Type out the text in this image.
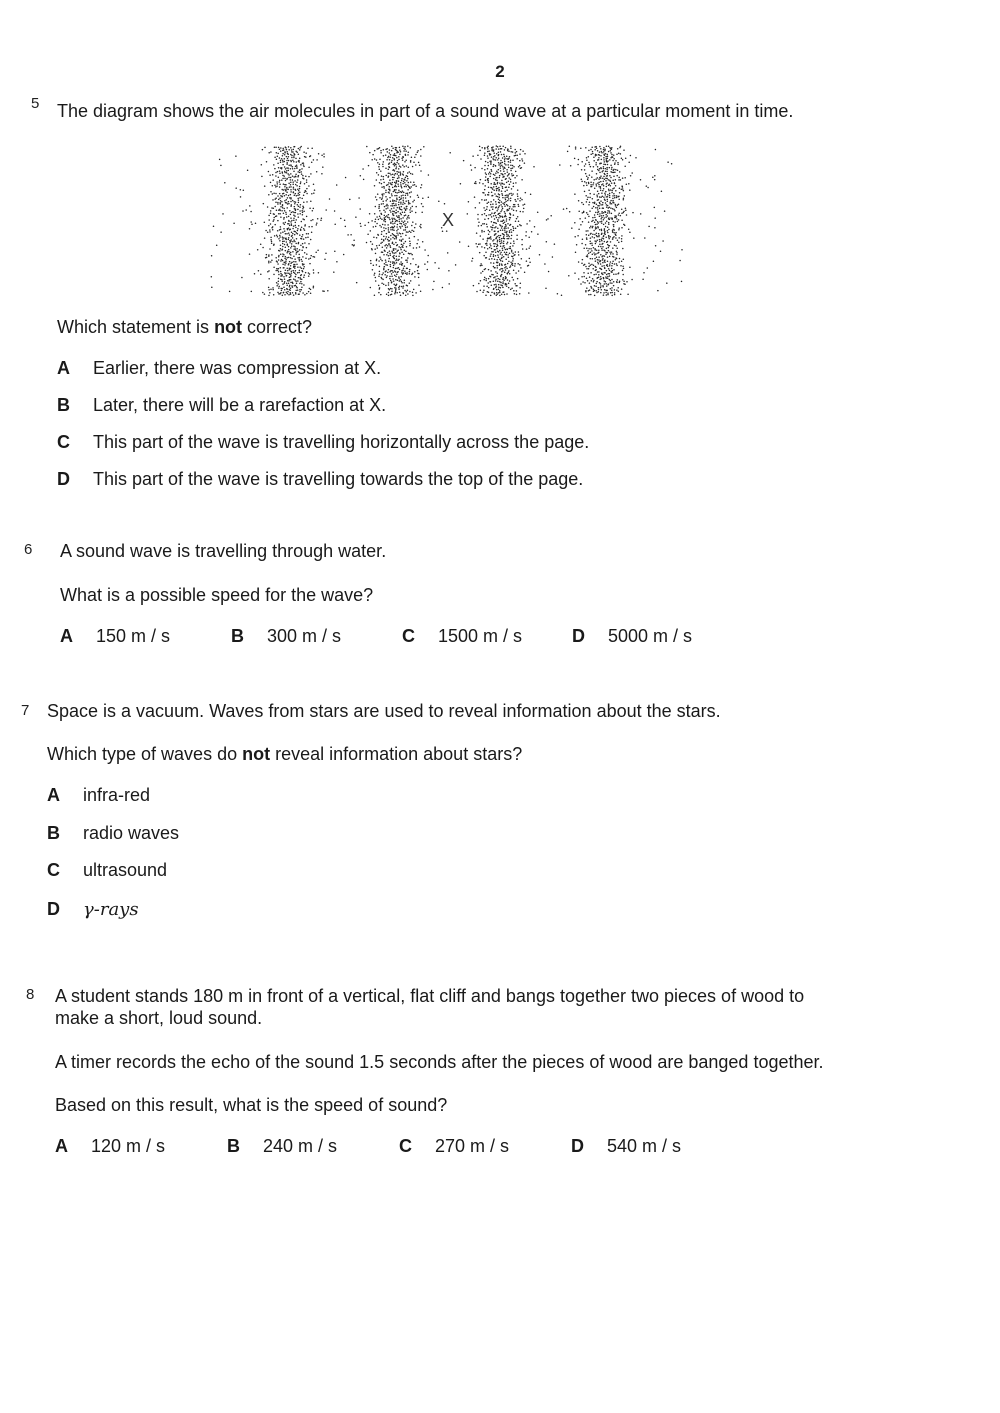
2
5 The diagram shows the air molecules in part of a sound wave at a particular moment in time.
X
Which statement is not correct?
A Earlier, there was compression at X.
B Later, there will be a rarefaction at X.
C This part of the wave is travelling horizontally across the page.
D This part of the wave is travelling towards the top of the page.
6 A sound wave is travelling through water.
What is a possible speed for the wave?
A 150 m / s	B 300 m / s	C 1500 m / s	D 5000 m / s
7 Space is a vacuum. Waves from stars are used to reveal information about the stars.
Which type of waves do not reveal information about stars?
A infra-red
B radio waves
C ultrasound
D γ-rays
8 A student stands 180 m in front of a vertical, flat cliff and bangs together two pieces of wood to
make a short, loud sound.
A timer records the echo of the sound 1.5 seconds after the pieces of wood are banged together.
Based on this result, what is the speed of sound?
A 120 m / s	B 240 m / s	C 270 m / s	D 540 m / s
